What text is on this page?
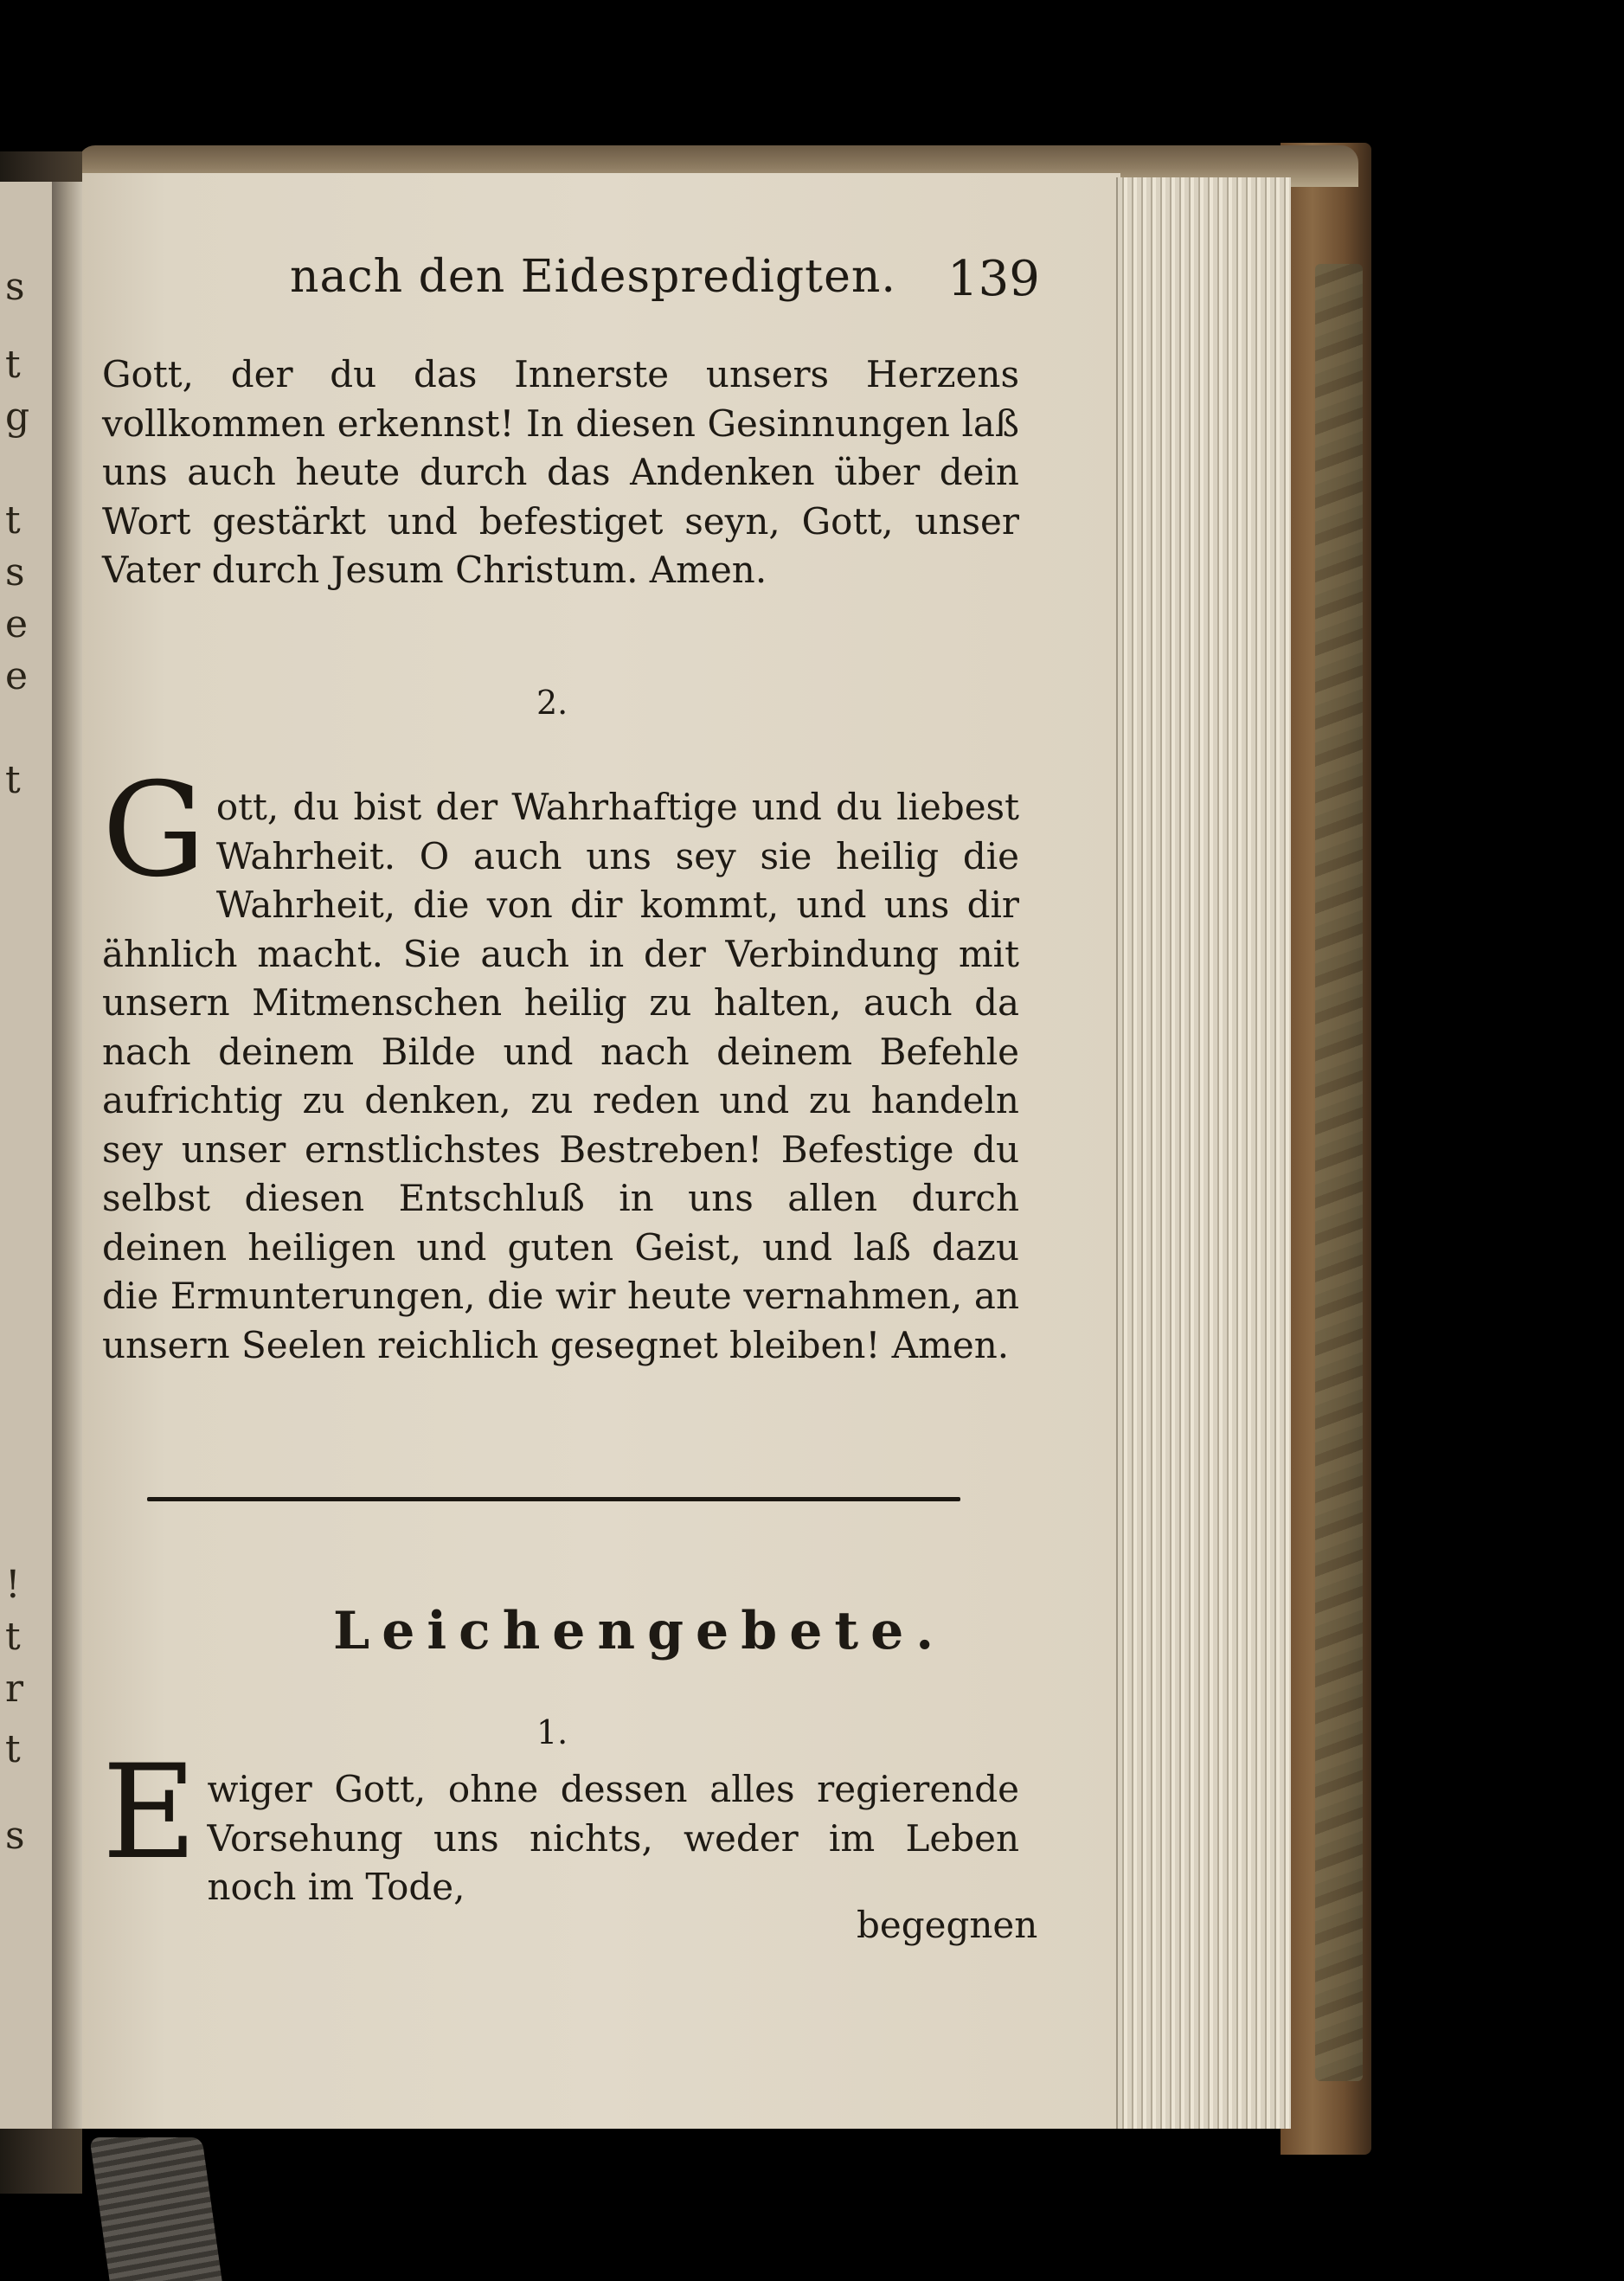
s
t
g
t
s
e
e
t
!
t
r
t
s
nach den Eidespredigten. 139
Gott, der du das Innerste unsers Herzens vollkommen erkennst! In diesen Gesinnungen laß uns auch heute durch das Andenken über dein Wort gestärkt und befestiget seyn, Gott, unser Vater durch Jesum Christum. Amen.
2.
Gott, du bist der Wahrhaftige und du liebest Wahrheit. O auch uns sey sie heilig die Wahrheit, die von dir kommt, und uns dir ähnlich macht. Sie auch in der Verbindung mit unsern Mitmenschen heilig zu halten, auch da nach deinem Bilde und nach deinem Befehle aufrichtig zu denken, zu reden und zu handeln sey unser ernstlichstes Bestreben! Befestige du selbst diesen Entschluß in uns allen durch deinen heiligen und guten Geist, und laß dazu die Ermunterungen, die wir heute vernahmen, an unsern Seelen reichlich gesegnet bleiben! Amen.
Leichengebete.
1.
Ewiger Gott, ohne dessen alles regierende Vorsehung uns nichts, weder im Leben noch im Tode,
begegnen
